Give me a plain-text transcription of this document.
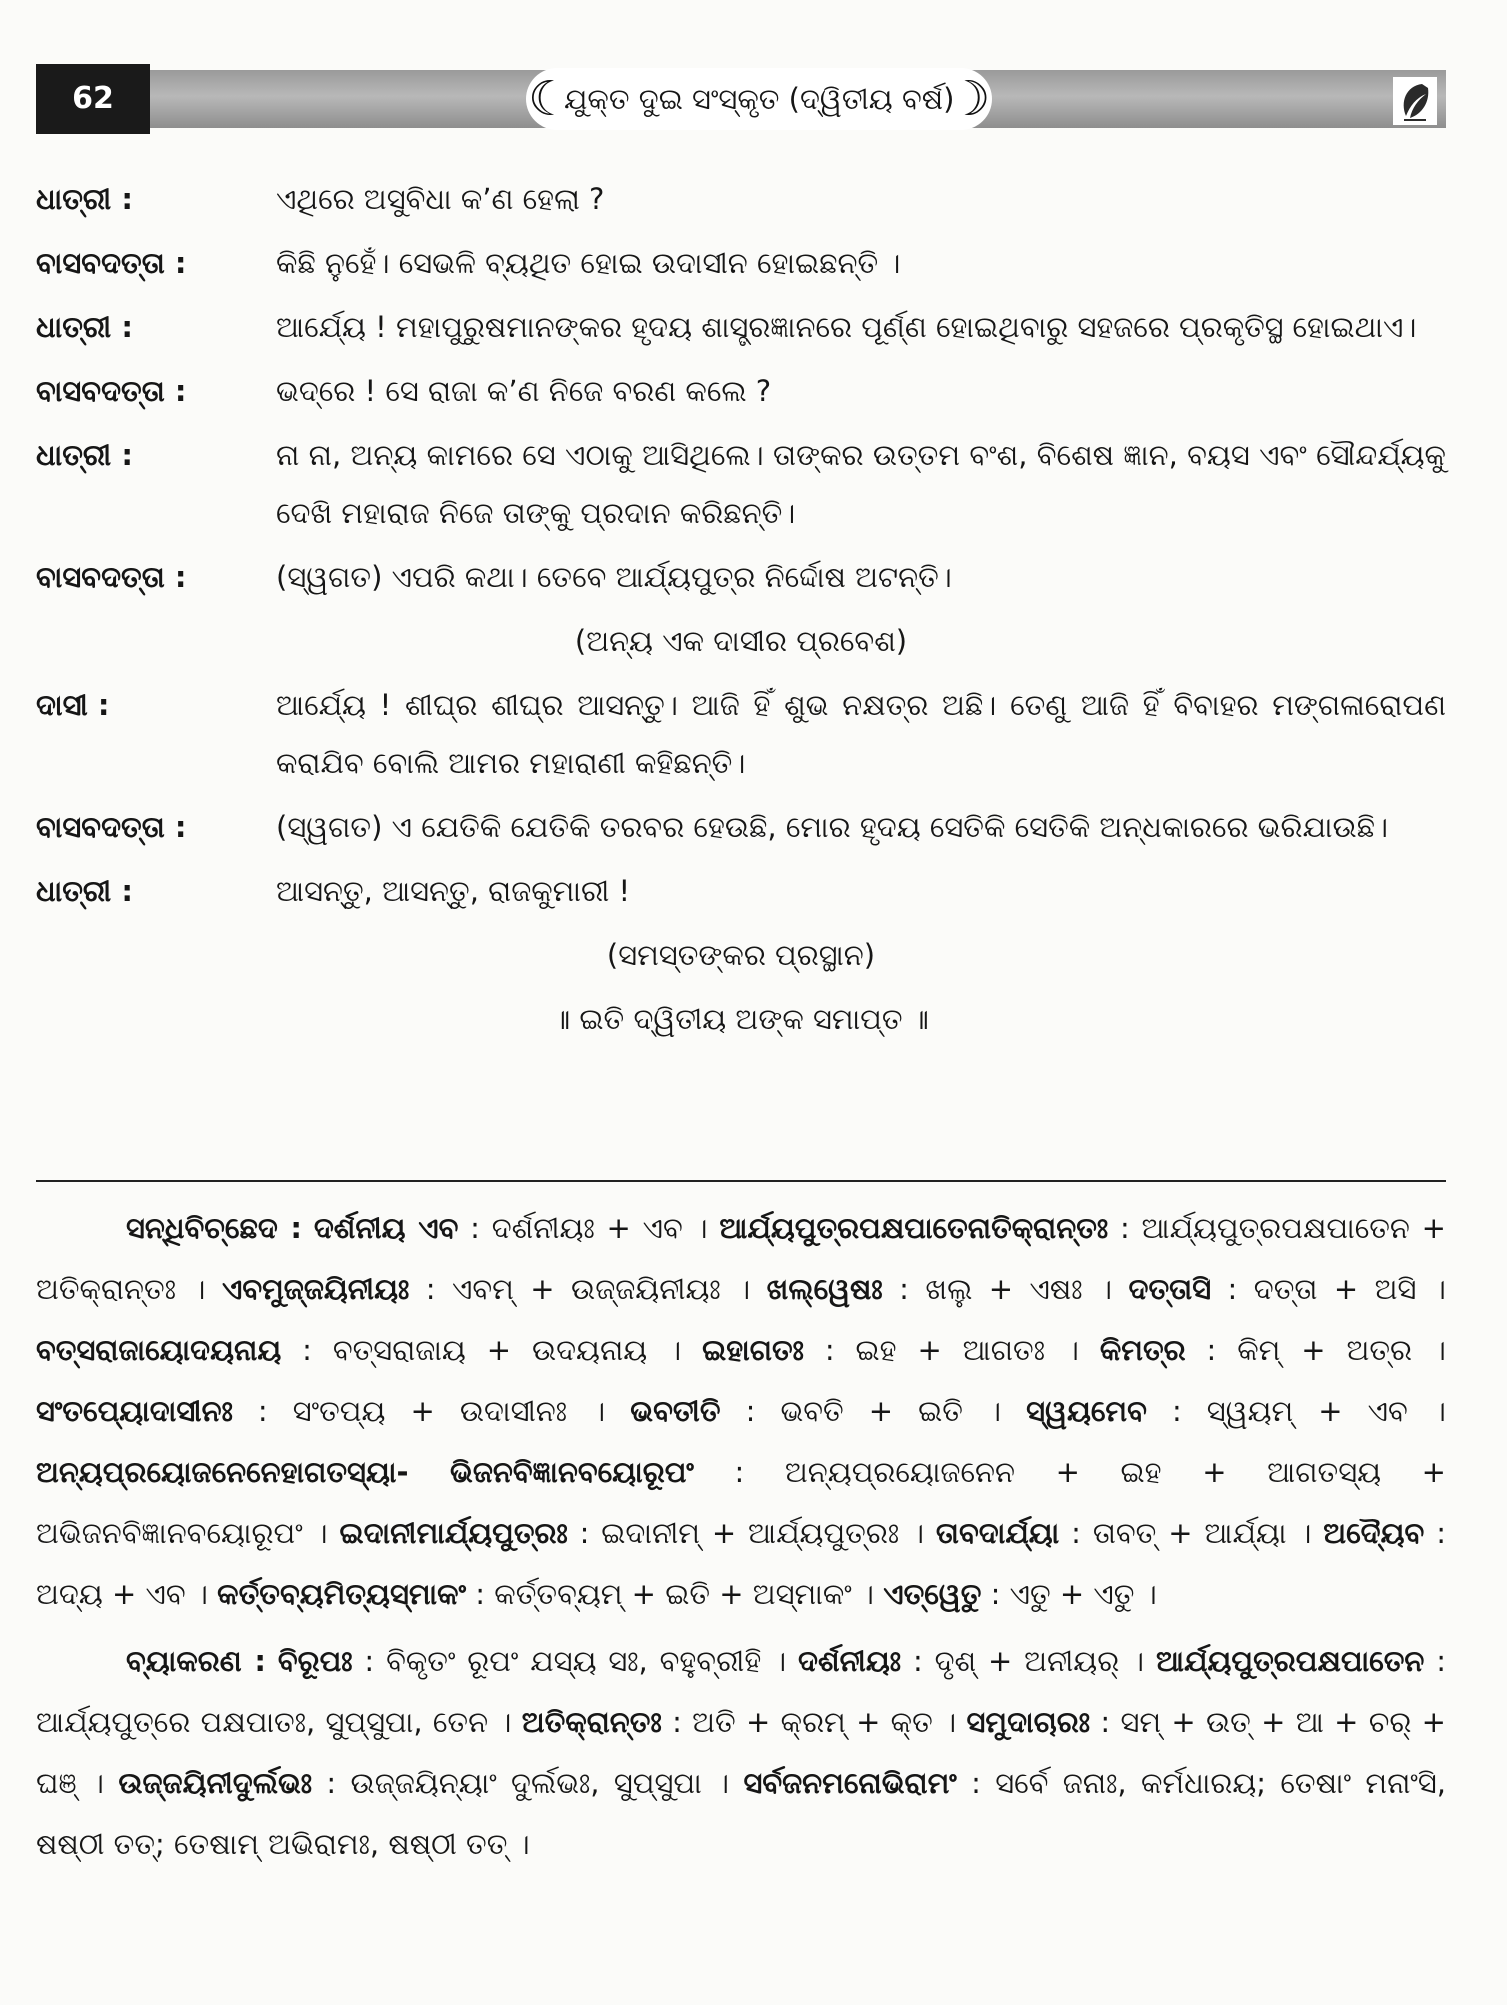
62	☾
ଯୁକ୍ତ ଦୁଇ ସଂସ୍କୃତ (ଦ୍ୱିତୀୟ ବର୍ଷ)
☽
ଧାତ୍ରୀ :	ଏଥିରେ ଅସୁବିଧା କ’ଣ ହେଲା ?
ବାସବଦତ୍ତା :	କିଛି ନୁହେଁ। ସେଭଳି ବ୍ୟଥିତ ହୋଇ ଉଦାସୀନ ହୋଇଛନ୍ତି ।
ଧାତ୍ରୀ :	ଆର୍ଯ୍ୟେ ! ମହାପୁରୁଷମାନଙ୍କର ହୃଦୟ ଶାସ୍ତ୍ରଜ୍ଞାନରେ ପୂର୍ଣ୍ଣ ହୋଇଥିବାରୁ ସହଜରେ ପ୍ରକୃତିସ୍ଥ ହୋଇଥାଏ।
ବାସବଦତ୍ତା :	ଭଦ୍ରେ ! ସେ ରାଜା କ’ଣ ନିଜେ ବରଣ କଲେ ?
ଧାତ୍ରୀ :	ନା ନା, ଅନ୍ୟ କାମରେ ସେ ଏଠାକୁ ଆସିଥିଲେ। ତାଙ୍କର ଉତ୍ତମ ବଂଶ, ବିଶେଷ ଜ୍ଞାନ, ବୟସ ଏବଂ ସୌନ୍ଦର୍ଯ୍ୟକୁ ଦେଖି ମହାରାଜ ନିଜେ ତାଙ୍କୁ ପ୍ରଦାନ କରିଛନ୍ତି।
ବାସବଦତ୍ତା :	(ସ୍ୱଗତ) ଏପରି କଥା। ତେବେ ଆର୍ଯ୍ୟପୁତ୍ର ନିର୍ଦ୍ଦୋଷ ଅଟନ୍ତି।
(ଅନ୍ୟ ଏକ ଦାସୀର ପ୍ରବେଶ)
ଦାସୀ :	ଆର୍ଯ୍ୟେ ! ଶୀଘ୍ର ଶୀଘ୍ର ଆସନ୍ତୁ। ଆଜି ହିଁ ଶୁଭ ନକ୍ଷତ୍ର ଅଛି। ତେଣୁ ଆଜି ହିଁ ବିବାହର ମଙ୍ଗଳାରୋପଣ କରାଯିବ ବୋଲି ଆମର ମହାରାଣୀ କହିଛନ୍ତି।
ବାସବଦତ୍ତା :	(ସ୍ୱଗତ) ଏ ଯେତିକି ଯେତିକି ତରବର ହେଉଛି, ମୋର ହୃଦୟ ସେତିକି ସେତିକି ଅନ୍ଧକାରରେ ଭରିଯାଉଛି।
ଧାତ୍ରୀ :	ଆସନ୍ତୁ, ଆସନ୍ତୁ, ରାଜକୁମାରୀ !
(ସମସ୍ତଙ୍କର ପ୍ରସ୍ଥାନ)
॥ ଇତି ଦ୍ୱିତୀୟ ଅଙ୍କ ସମାପ୍ତ ॥

ସନ୍ଧିବିଚ୍ଛେଦ : ଦର୍ଶନୀୟ ଏବ : ଦର୍ଶନୀୟଃ + ଏବ । ଆର୍ଯ୍ୟପୁତ୍ରପକ୍ଷପାତେନାତିକ୍ରାନ୍ତଃ : ଆର୍ଯ୍ୟପୁତ୍ରପକ୍ଷପାତେନ + ଅତିକ୍ରାନ୍ତଃ । ଏବମୁଜ୍ଜୟିନୀୟଃ : ଏବମ୍ + ଉଜ୍ଜୟିନୀୟଃ । ଖଲ୍ୱେଷଃ : ଖଲୁ + ଏଷଃ । ଦତ୍ତାସି : ଦତ୍ତା + ଅସି । ବତ୍ସରାଜାୟୋଦୟନାୟ : ବତ୍ସରାଜାୟ + ଉଦୟନାୟ । ଇହାଗତଃ : ଇହ + ଆଗତଃ । କିମତ୍ର : କିମ୍ + ଅତ୍ର । ସଂତପ୍ୟୋଦାସୀନଃ : ସଂତପ୍ୟ + ଉଦାସୀନଃ । ଭବତୀତି : ଭବତି + ଇତି । ସ୍ୱୟମେବ : ସ୍ୱୟମ୍ + ଏବ । ଅନ୍ୟପ୍ରୟୋଜନେନେହାଗତସ୍ୟା- ଭିଜନବିଜ୍ଞାନବୟୋରୂପଂ : ଅନ୍ୟପ୍ରୟୋଜନେନ + ଇହ + ଆଗତସ୍ୟ + ଅଭିଜନବିଜ୍ଞାନବୟୋରୂପଂ । ଇଦାନୀମାର୍ଯ୍ୟପୁତ୍ରଃ : ଇଦାନୀମ୍ + ଆର୍ଯ୍ୟପୁତ୍ରଃ । ତାବଦାର୍ଯ୍ୟା : ତାବତ୍ + ଆର୍ଯ୍ୟା । ଅଦ୍ୟୈବ : ଅଦ୍ୟ + ଏବ । କର୍ତ୍ତବ୍ୟମିତ୍ୟସ୍ମାକଂ : କର୍ତ୍ତବ୍ୟମ୍ + ଇତି + ଅସ୍ମାକଂ । ଏତ୍ୱେତୁ : ଏତୁ + ଏତୁ ।

ବ୍ୟାକରଣ : ବିରୂପଃ : ବିକୃତଂ ରୂପଂ ଯସ୍ୟ ସଃ, ବହୁବ୍ରୀହି । ଦର୍ଶନୀୟଃ : ଦୃଶ୍ + ଅନୀୟର୍ । ଆର୍ଯ୍ୟପୁତ୍ରପକ୍ଷପାତେନ : ଆର୍ଯ୍ୟପୁତ୍ରେ ପକ୍ଷପାତଃ, ସୁପ୍‌ସୁପା, ତେନ । ଅତିକ୍ରାନ୍ତଃ : ଅତି + କ୍ରମ୍ + କ୍ତ । ସମୁଦାଚାରଃ : ସମ୍ + ଉତ୍ + ଆ + ଚର୍ + ଘଞ୍ । ଉଜ୍ଜୟିନୀଦୁର୍ଲଭଃ : ଉଜ୍ଜୟିନ୍ୟାଂ ଦୁର୍ଲଭଃ, ସୁପ୍‌ସୁପା । ସର୍ବଜନମନୋଭିରାମଂ : ସର୍ବେ ଜନାଃ, କର୍ମଧାରୟ; ତେଷାଂ ମନାଂସି, ଷଷ୍ଠୀ ତତ୍; ତେଷାମ୍ ଅଭିରାମଃ, ଷଷ୍ଠୀ ତତ୍ ।
